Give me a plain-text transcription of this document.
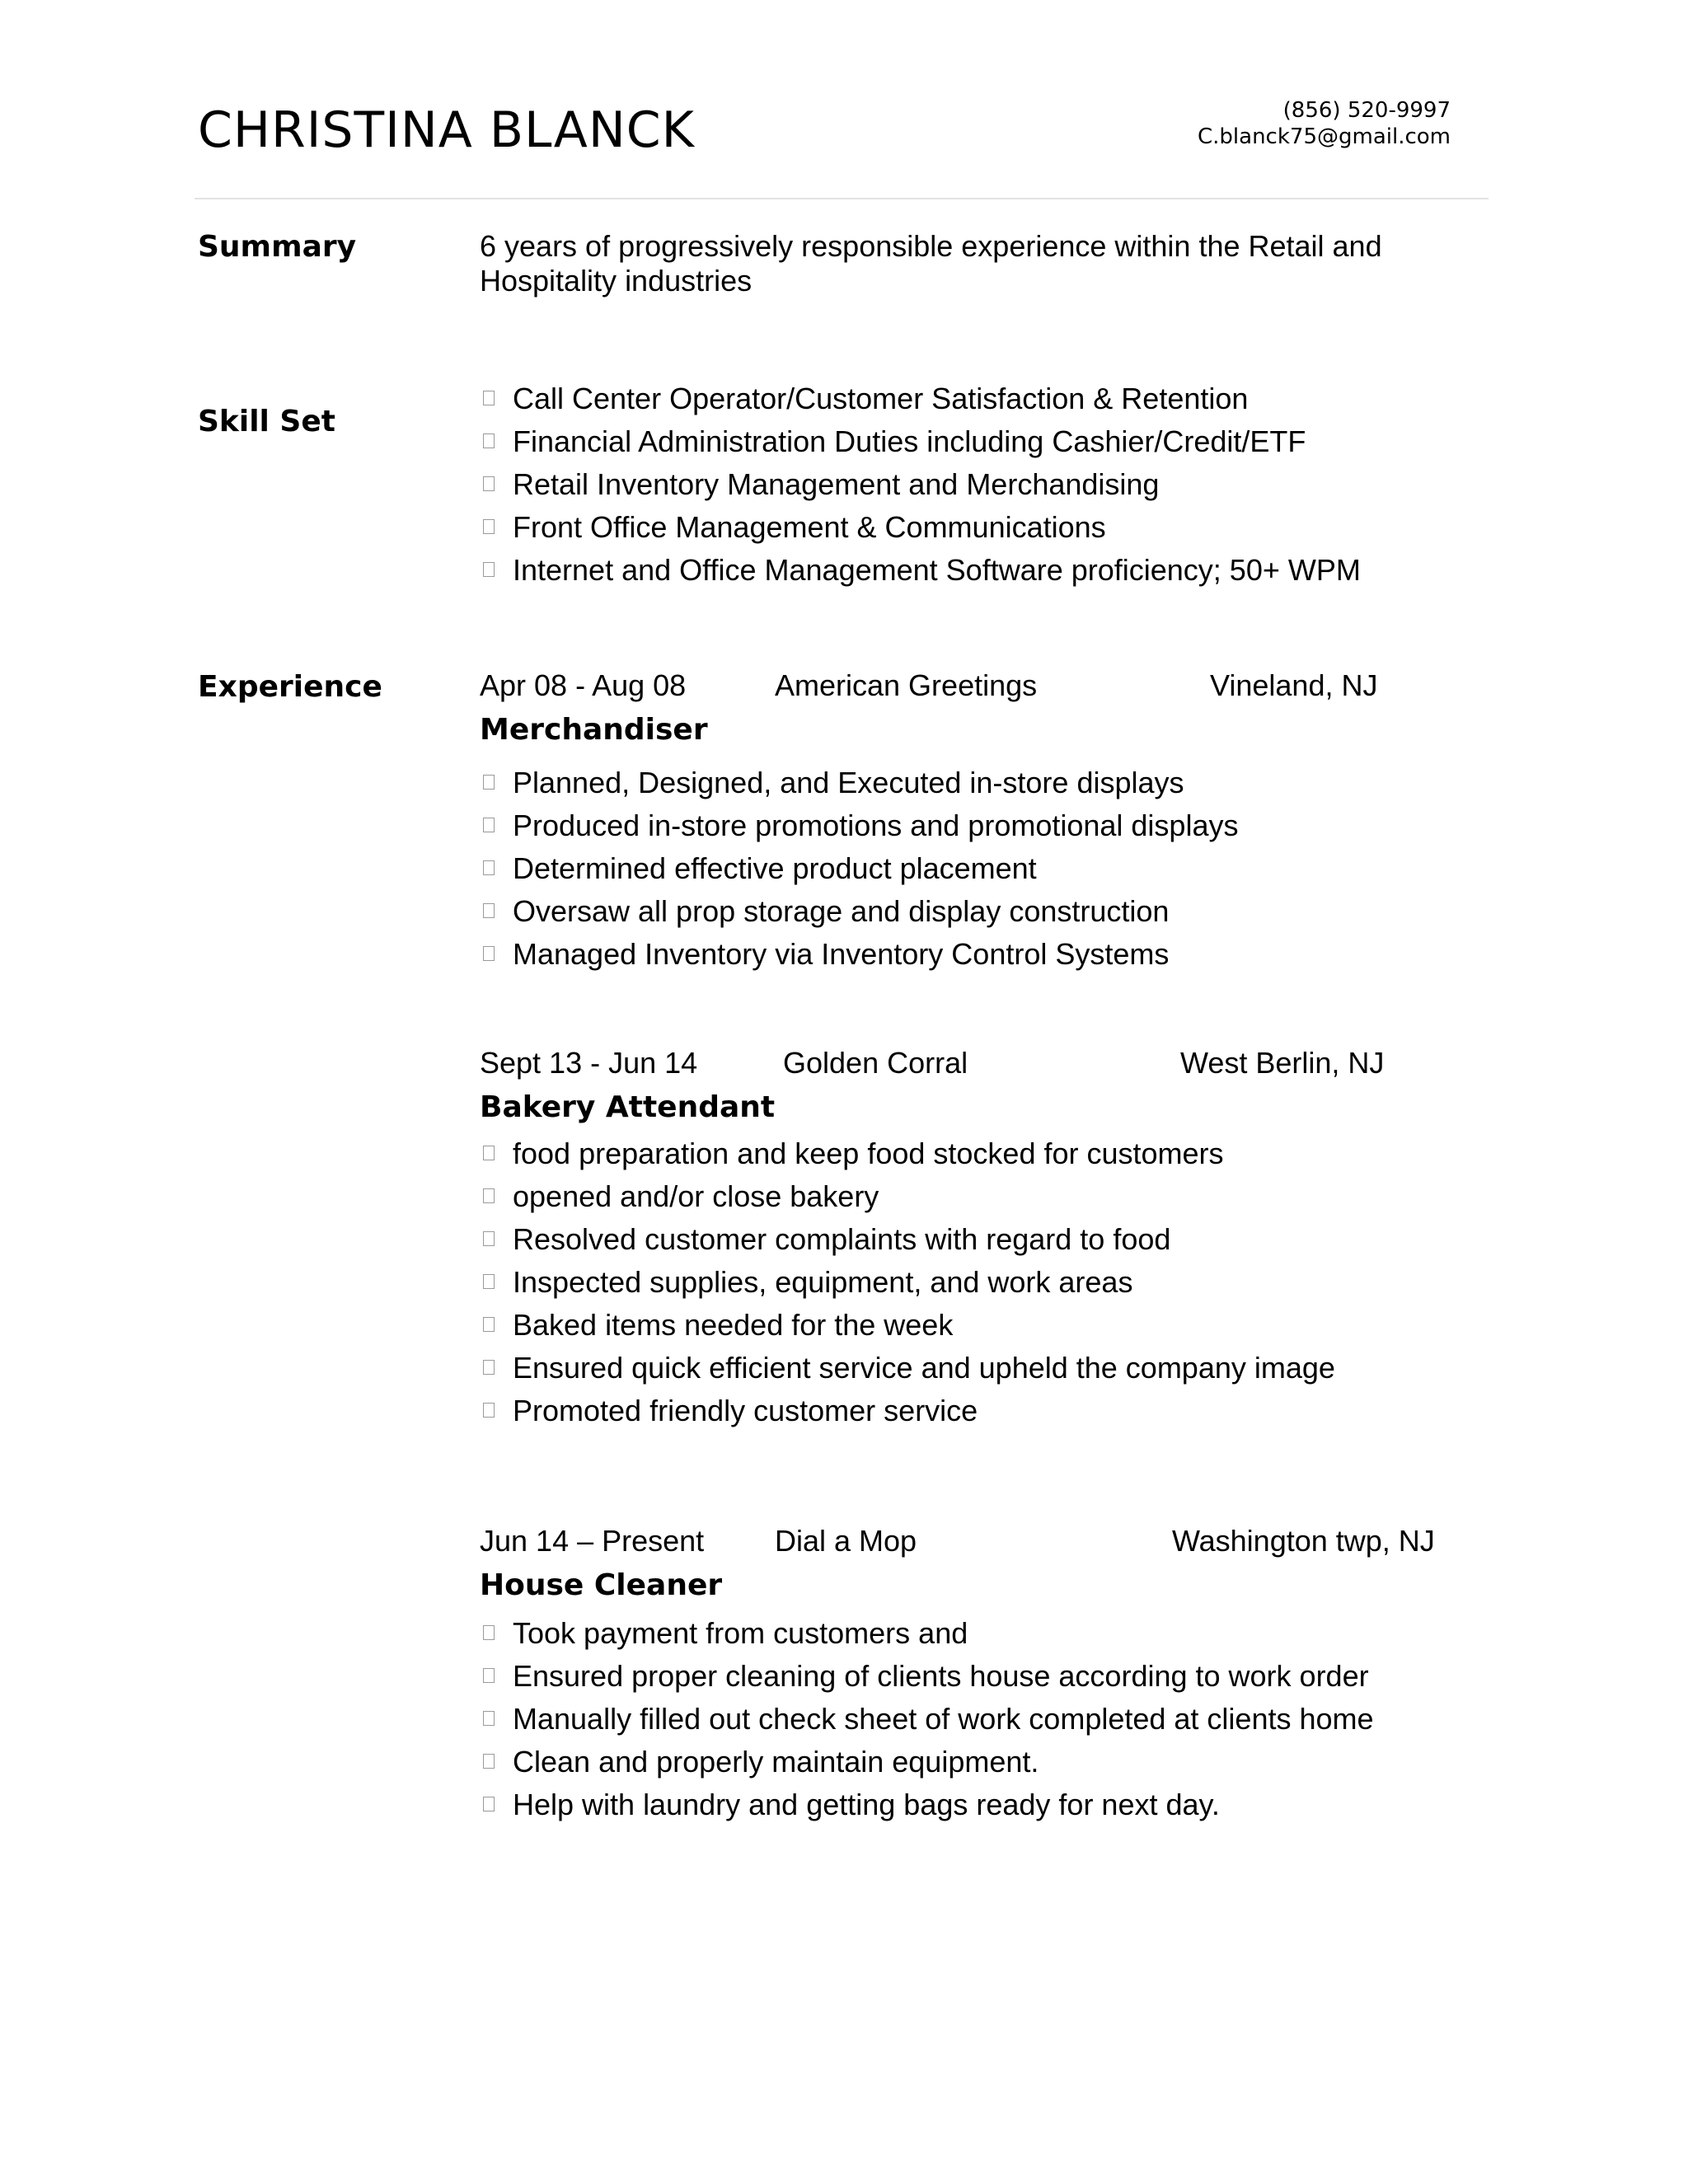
CHRISTINA BLANCK	(856) 520-9997
C.blanck75@gmail.com
Summary	6 years of progressively responsible experience within the Retail and Hospitality industries
Skill Set
Call Center Operator/Customer Satisfaction & Retention
Financial Administration Duties including Cashier/Credit/ETF
Retail Inventory Management and Merchandising
Front Office Management & Communications
Internet and Office Management Software proficiency; 50+ WPM
Experience	Apr 08 - Aug 08	American Greetings	Vineland, NJ
Merchandiser
Planned, Designed, and Executed in-store displays
Produced in-store promotions and promotional displays
Determined effective product placement
Oversaw all prop storage and display construction
Managed Inventory via Inventory Control Systems
Sept 13 - Jun 14	Golden Corral	West Berlin, NJ
Bakery Attendant
food preparation and keep food stocked for customers
opened and/or close bakery
Resolved customer complaints with regard to food
Inspected supplies, equipment, and work areas
Baked items needed for the week
Ensured quick efficient service and upheld the company image
Promoted friendly customer service
Jun 14 – Present Dial a Mop	Washington twp, NJ
House Cleaner
Took payment from customers and
Ensured proper cleaning of clients house according to work order
Manually filled out check sheet of work completed at clients home
Clean and properly maintain equipment.
Help with laundry and getting bags ready for next day.
